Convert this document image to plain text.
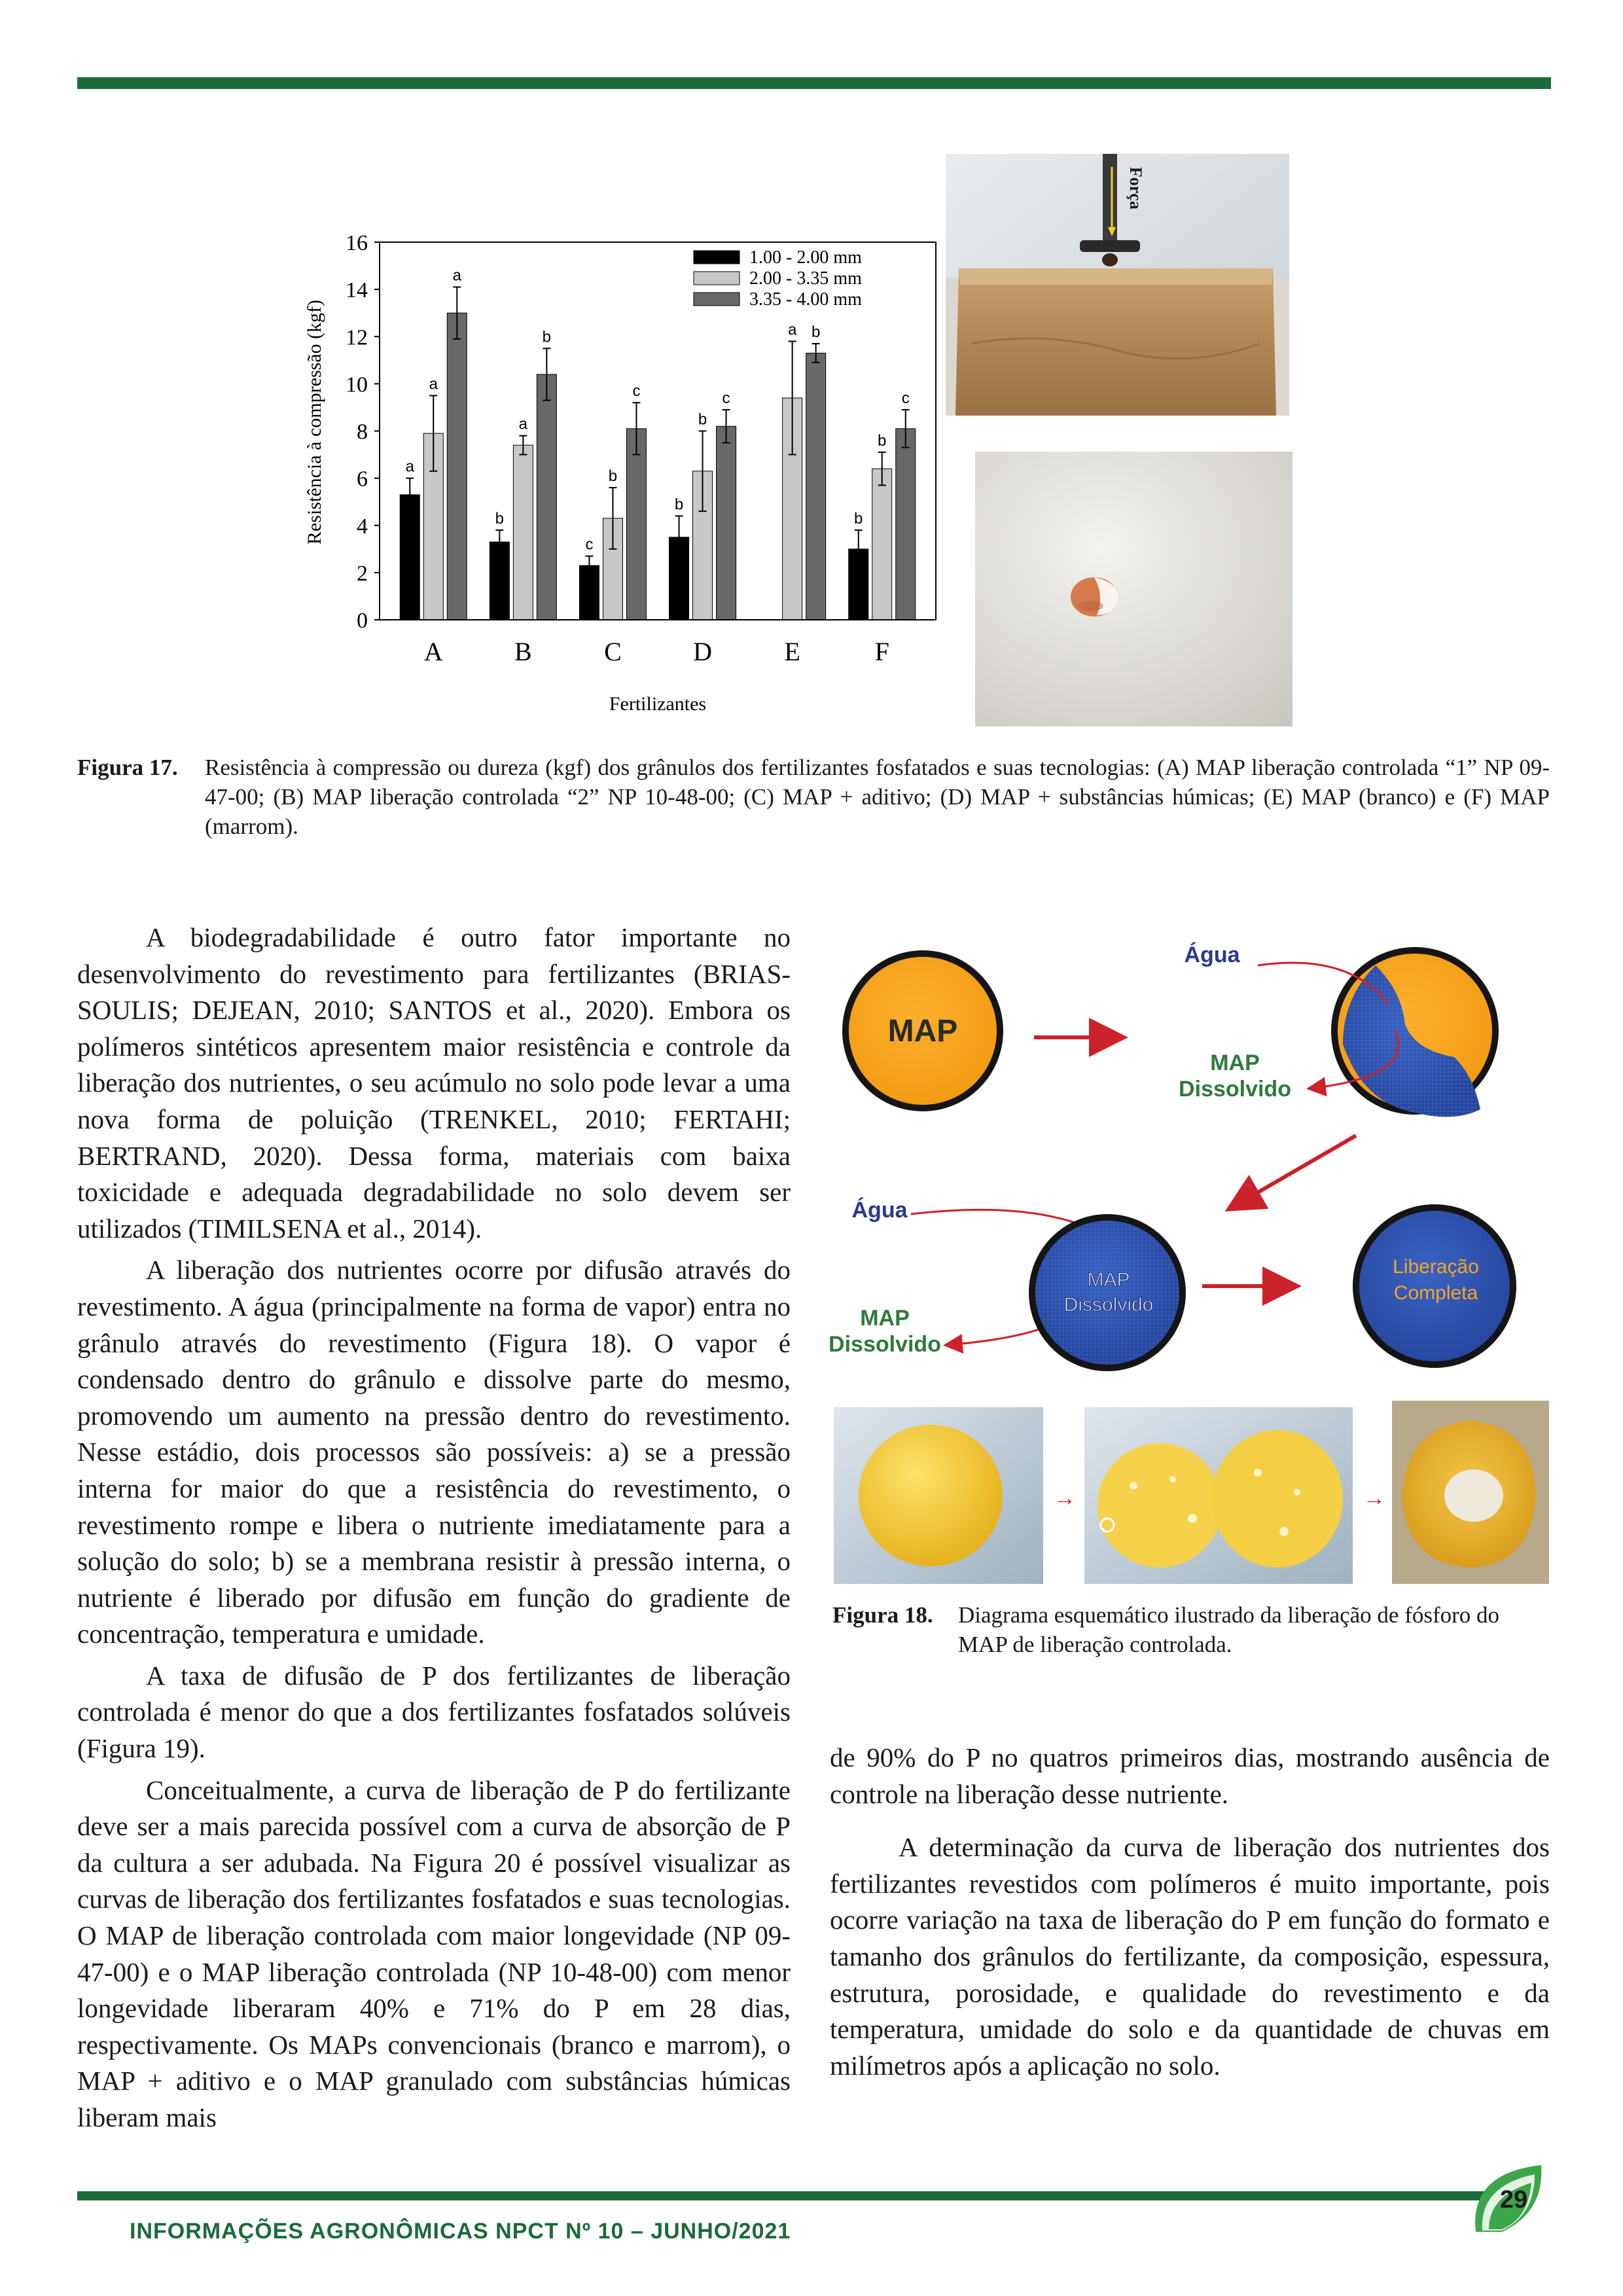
Resistência à compressão (kgf)
Fertilizantes
0
2
4
6
8
10
12
14
16
a
a
a
b
a
b
c
b
c
b
b
c
a b
b
b
c
A	B	C	D	E	F
1.00 - 2.00 mm
2.00 - 3.35 mm
3.35 - 4.00 mm
Força
Figura 17. Resistência à compressão ou dureza (kgf) dos grânulos dos fertilizantes fosfatados e suas tecnologias: (A) MAP liberação controlada “1” NP 09-47-00; (B) MAP liberação controlada “2” NP 10-48-00; (C) MAP + aditivo; (D) MAP + substâncias húmicas; (E) MAP (branco) e (F) MAP (marrom).

A biodegradabilidade é outro fator importante no desenvolvimento do revestimento para fertilizantes (BRIAS-SOULIS; DEJEAN, 2010; SANTOS et al., 2020). Embora os polímeros sintéticos apresentem maior resistência e controle da liberação dos nutrientes, o seu acúmulo no solo pode levar a uma nova forma de poluição (TRENKEL, 2010; FERTAHI; BERTRAND, 2020). Dessa forma, materiais com baixa toxicidade e adequada degradabilidade no solo devem ser utilizados (TIMILSENA et al., 2014).

A liberação dos nutrientes ocorre por difusão através do revestimento. A água (principalmente na forma de vapor) entra no grânulo através do revestimento (Figura 18). O vapor é condensado dentro do grânulo e dissolve parte do mesmo, promovendo um aumento na pressão dentro do revestimento. Nesse estádio, dois processos são possíveis: a) se a pressão interna for maior do que a resistência do revestimento, o revestimento rompe e libera o nutriente imediatamente para a solução do solo; b) se a membrana resistir à pressão interna, o nutriente é liberado por difusão em função do gradiente de concentração, temperatura e umidade.

A taxa de difusão de P dos fertilizantes de liberação controlada é menor do que a dos fertilizantes fosfatados solúveis (Figura 19).

Conceitualmente, a curva de liberação de P do fertilizante deve ser a mais parecida possível com a curva de absorção de P da cultura a ser adubada. Na Figura 20 é possível visualizar as curvas de liberação dos fertilizantes fosfatados e suas tecnologias. O MAP de liberação controlada com maior longevidade (NP 09-47-00) e o MAP liberação controlada (NP 10-48-00) com menor longevidade liberaram 40% e 71% do P em 28 dias, respectivamente. Os MAPs convencionais (branco e marrom), o MAP + aditivo e o MAP granulado com substâncias húmicas liberam mais

MAP
Água
MAP
Dissolvido
Água
MAP
Dissolvido
MAP
Dissolvido
Liberação
Completa
→	→
Figura 18. Diagrama esquemático ilustrado da liberação de fósforo do MAP de liberação controlada.

de 90% do P no quatros primeiros dias, mostrando ausência de controle na liberação desse nutriente.

A determinação da curva de liberação dos nutrientes dos fertilizantes revestidos com polímeros é muito importante, pois ocorre variação na taxa de liberação do P em função do formato e tamanho dos grânulos do fertilizante, da composição, espessura, estrutura, porosidade, e qualidade do revestimento e da temperatura, umidade do solo e da quantidade de chuvas em milímetros após a aplicação no solo.

29
INFORMAÇÕES AGRONÔMICAS NPCT Nº 10 – JUNHO/2021
